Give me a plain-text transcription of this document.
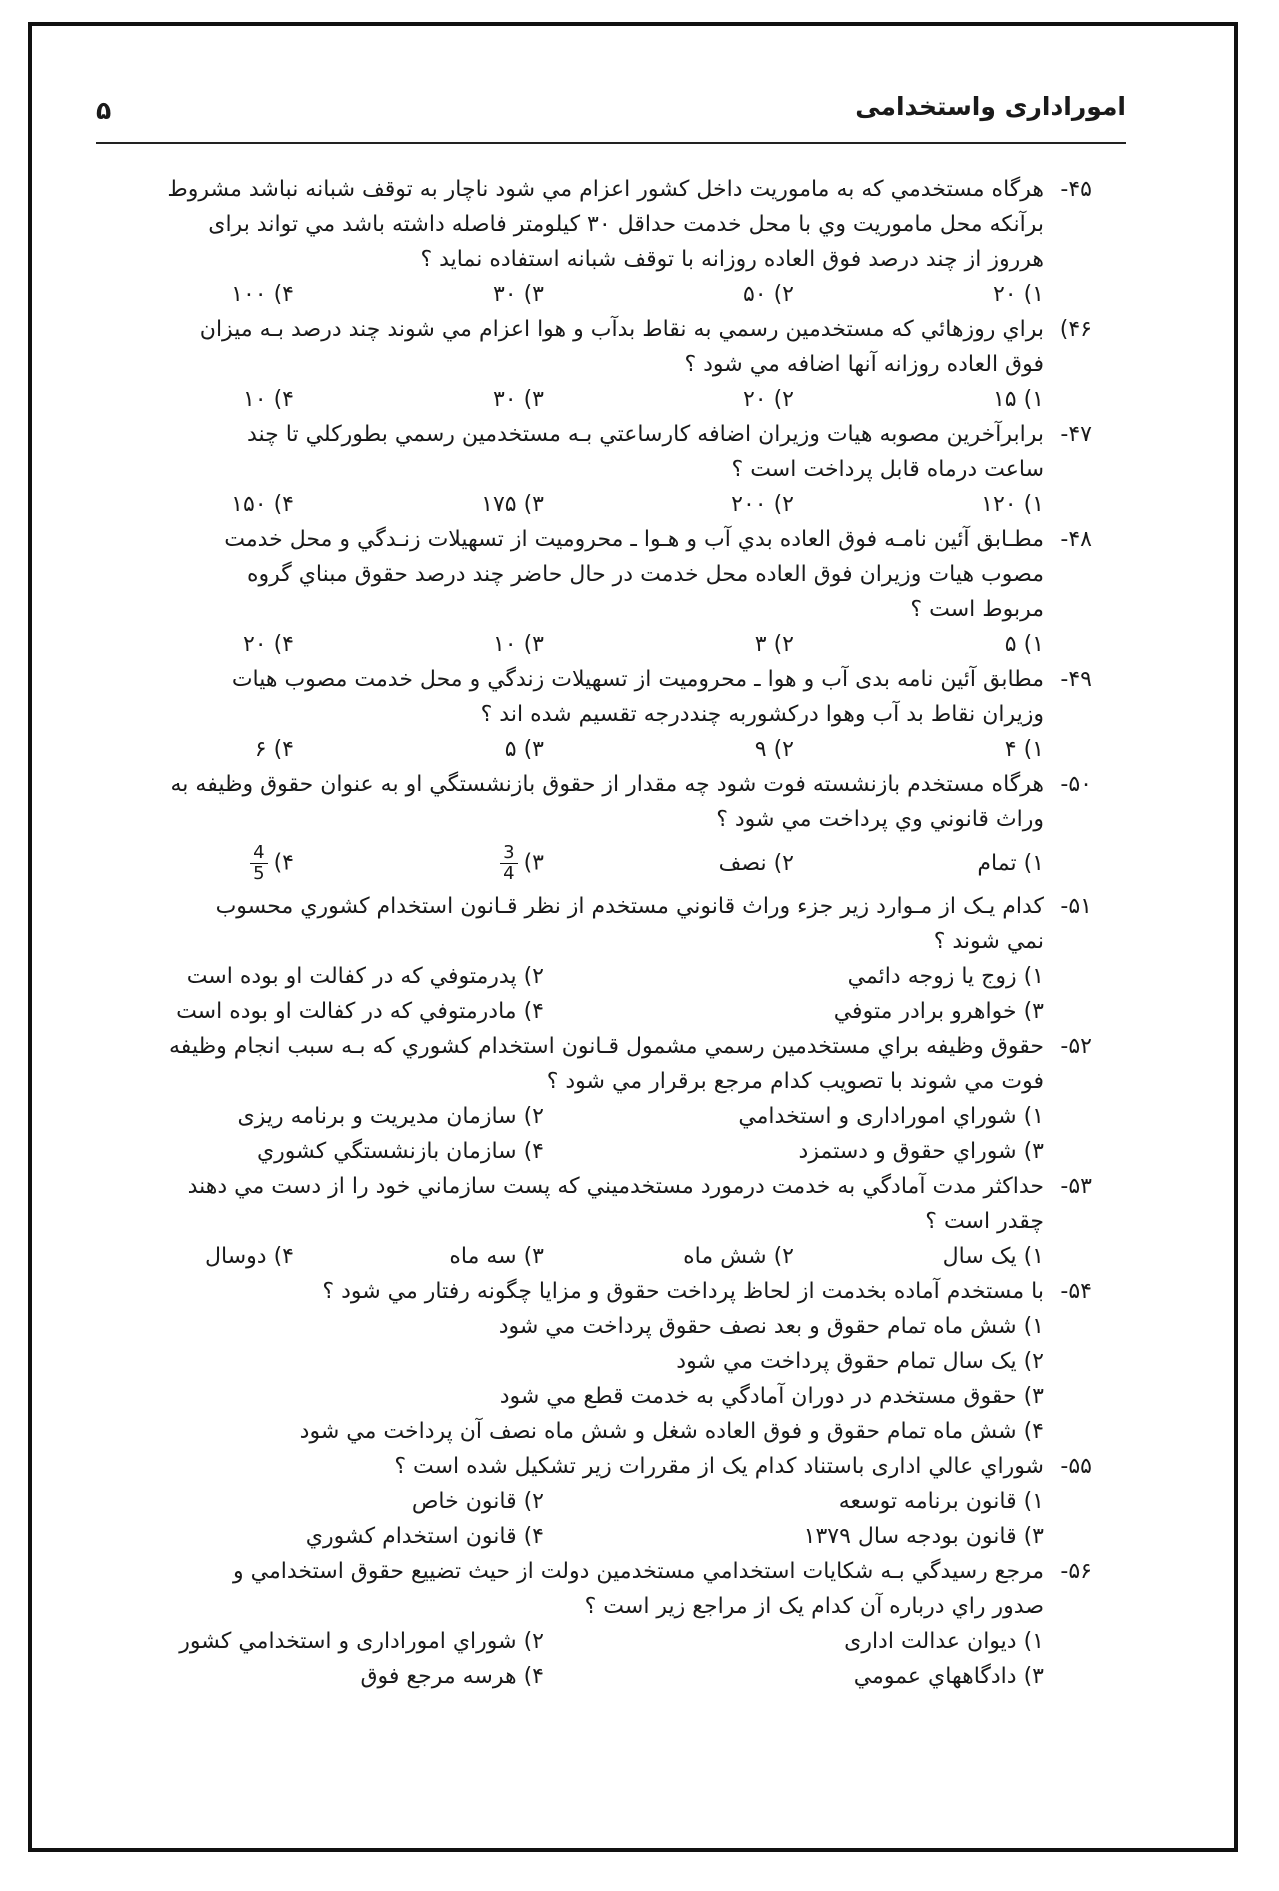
امورادارى واستخدامى
۵
۴۵-هرگاه مستخدمي كه به ماموريت داخل كشور اعزام مي شود ناچار به توقف شبانه نباشد مشروط
برآنكه محل ماموريت وي با محل خدمت حداقل ۳۰ كيلومتر فاصله داشته باشد مي تواند براى
هرروز از چند درصد فوق العاده روزانه با توقف شبانه استفاده نمايد ؟
۱) ۲۰
۲) ۵۰
۳) ۳۰
۴) ۱۰۰
۴۶)براي روزهائي كه مستخدمين رسمي به نقاط بدآب و هوا اعزام مي شوند چند درصد بـه ميزان
فوق العاده روزانه آنها اضافه مي شود ؟
۱) ۱۵
۲) ۲۰
۳) ۳۰
۴) ۱۰
۴۷-برابرآخرين مصوبه هيات وزيران اضافه كارساعتي بـه مستخدمين رسمي بطوركلي تا چند
ساعت درماه قابل پرداخت است ؟
۱) ۱۲۰
۲) ۲۰۰
۳) ۱۷۵
۴) ۱۵۰
۴۸-مطـابق آئين نامـه فوق العاده بدي آب و هـوا ـ محروميت از تسهيلات زنـدگي و محل خدمت
مصوب هيات وزيران فوق العاده محل خدمت در حال حاضر چند درصد حقوق مبناي گروه
مربوط است ؟
۱) ۵
۲) ۳
۳) ۱۰
۴) ۲۰
۴۹-مطابق آئين نامه بدى آب و هوا ـ محروميت از تسهيلات زندگي و محل خدمت مصوب هيات
وزيران نقاط بد آب وهوا دركشوربه چنددرجه تقسيم شده اند ؟
۱) ۴
۲) ۹
۳) ۵
۴) ۶
۵۰-هرگاه مستخدم بازنشسته فوت شود چه مقدار از حقوق بازنشستگي او به عنوان حقوق وظيفه به
وراث قانوني وي پرداخت مي شود ؟
۱) تمام
۲) نصف
۳)
$\frac{3}{4}$
۴)
$\frac{4}{5}$
۵۱-كدام يـک از مـوارد زير جزء وراث قانوني مستخدم از نظر قـانون استخدام كشوري محسوب
نمي شوند ؟
۱) زوج يا زوجه دائمي
۲) پدرمتوفي كه در كفالت او بوده است
۳) خواهرو برادر متوفي
۴) مادرمتوفي كه در كفالت او بوده است
۵۲-حقوق وظيفه براي مستخدمين رسمي مشمول قـانون استخدام كشوري كه بـه سبب انجام وظيفه
فوت مي شوند با تصويب كدام مرجع برقرار مي شود ؟
۱) شوراي امورادارى و استخدامي
۲) سازمان مديريت و برنامه ريزى
۳) شوراي حقوق و دستمزد
۴) سازمان بازنشستگي كشوري
۵۳-حداكثر مدت آمادگي به خدمت درمورد مستخدميني كه پست سازماني خود را از دست مي دهند
چقدر است ؟
۱) يک سال
۲) شش ماه
۳) سه ماه
۴) دوسال
۵۴-با مستخدم آماده بخدمت از لحاظ پرداخت حقوق و مزايا چگونه رفتار مي شود ؟
۱) شش ماه تمام حقوق و بعد نصف حقوق پرداخت مي شود
۲) يک سال تمام حقوق پرداخت مي شود
۳) حقوق مستخدم در دوران آمادگي به خدمت قطع مي شود
۴) شش ماه تمام حقوق و فوق العاده شغل و شش ماه نصف آن پرداخت مي شود
۵۵-شوراي عالي ادارى باستناد كدام يک از مقررات زير تشكيل شده است ؟
۱) قانون برنامه توسعه
۲) قانون خاص
۳) قانون بودجه سال ۱۳۷۹
۴) قانون استخدام كشوري
۵۶-مرجع رسيدگي بـه شكايات استخدامي مستخدمين دولت از حيث تضييع حقوق استخدامي و
صدور راي درباره آن كدام يک از مراجع زير است ؟
۱) ديوان عدالت ادارى
۲) شوراي امورادارى و استخدامي كشور
۳) دادگاههاي عمومي
۴) هرسه مرجع فوق
